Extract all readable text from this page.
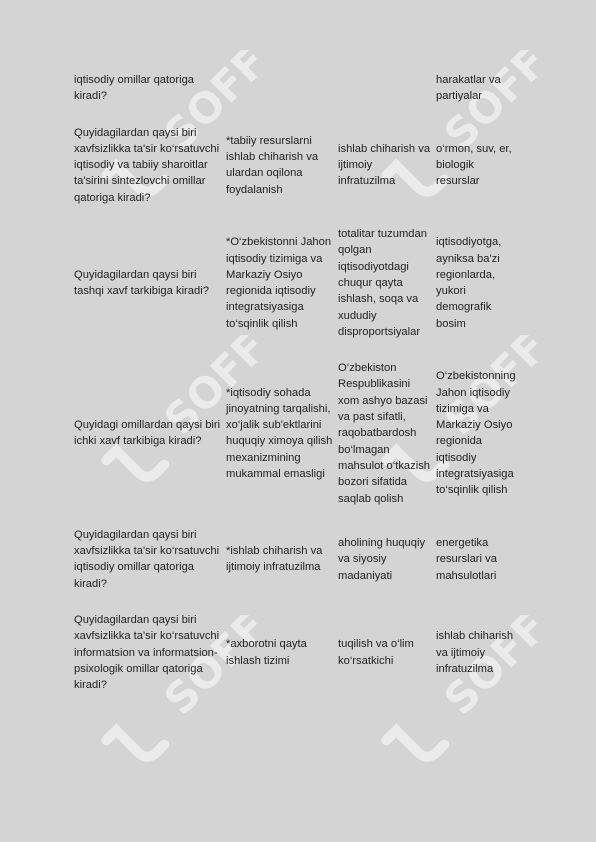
SOFF	SOFF
SOFF	SOFF
SOFF	SOFF
iqtisodiy omillar qatoriga kiradi?			harakatlar va partiyalar
Quyidagilardan qaysi biri xavfsizlikka ta'sir ko‘rsatuvchi iqtisodiy va tabiiy sharoitlar ta'sirini sintezlovchi omillar qatoriga kiradi?	*tabiiy resurslarni ishlab chiharish va ulardan oqilona foydalanish	ishlab chiharish va ijtimoiy infratuzilma	o‘rmon, suv, er, biologik resurslar
Quyidagilardan qaysi biri tashqi xavf tarkibiga kiradi?	*O‘zbekistonni Jahon iqtisodiy tizimiga va Markaziy Osiyo regionida iqtisodiy integratsiyasiga to‘sqinlik qilish	totalitar tuzumdan qolgan iqtisodiyotdagi chuqur qayta ishlash, soqa va xududiy disproportsiyalar	iqtisodiyotga, ayniksa ba'zi regionlarda, yukori demografik bosim
Quyidagi omillardan qaysi biri ichki xavf tarkibiga kiradi?	*iqtisodiy sohada jinoyatning tarqalishi, xo‘jalik sub'ektlarini huquqiy ximoya qilish mexanizmining mukammal emasligi	O‘zbekiston Respublikasini xom ashyo bazasi va past sifatli, raqobatbardosh bo‘lmagan mahsulot o‘tkazish bozori sifatida saqlab qolish	O‘zbekistonning Jahon iqtisodiy tizimiga va Markaziy Osiyo regionida iqtisodiy integratsiyasiga to‘sqinlik qilish
Quyidagilardan qaysi biri xavfsizlikka ta'sir ko‘rsatuvchi iqtisodiy omillar qatoriga kiradi?	*ishlab chiharish va ijtimoiy infratuzilma	aholining huquqiy va siyosiy madaniyati	energetika resurslari va mahsulotlari
Quyidagilardan qaysi biri xavfsizlikka ta'sir ko‘rsatuvchi informatsion va informatsion-psixologik omillar qatoriga kiradi?	*axborotni qayta ishlash tizimi	tuqilish va o‘lim ko‘rsatkichi	ishlab chiharish va ijtimoiy infratuzilma
